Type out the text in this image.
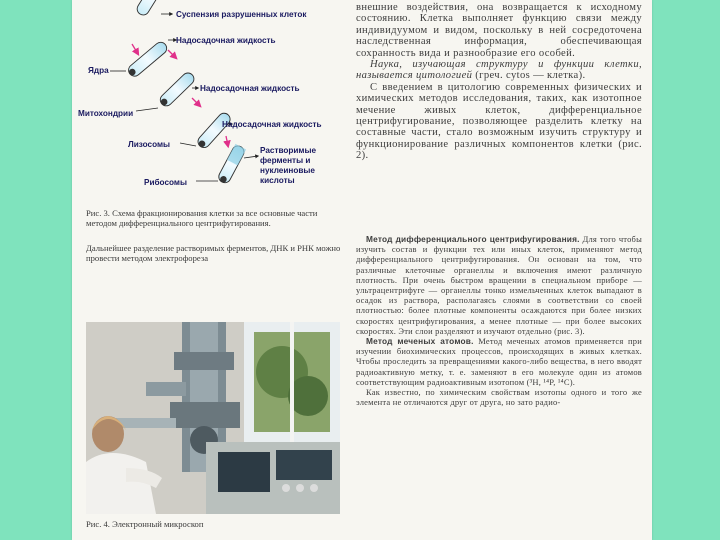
Суспензия разрушенных клеток
Надосадочная жидкость
Ядра
Надосадочная жидкость
Митохондрии
Надосадочная жидкость
Лизосомы
Растворимые ферменты и нуклеиновые кислоты
Рибосомы
Рис. 3. Схема фракционирования клетки за все основные части методом дифференциального центрифугирования.
Дальнейшее разделение растворимых ферментов, ДНК и РНК можно провести методом электрофореза
Рис. 4. Электронный микроскоп

внешние воздействия, она возвращается к исходному состоянию. Клетка выполняет функцию связи между индивидуумом и видом, поскольку в ней сосредоточена наследственная информация, обеспечивающая сохранность вида и разнообразие его особей.

Наука, изучающая структуру и функции клетки, называется цитологией (греч. cytos — клетка).

С введением в цитологию современных физических и химических методов исследования, таких, как изотопное мечение живых клеток, дифференциальное центрифугирование, позволяющее разделить клетку на составные части, стало возможным изучить структуру и функционирование различных компонентов клетки (рис. 2).

Метод дифференциального центрифугирования. Для того чтобы изучить состав и функции тех или иных клеток, применяют метод дифференциального центрифугирования. Он основан на том, что различные клеточные органеллы и включения имеют различную плотность. При очень быстром вращении в специальном приборе — ультрацентрифуге — органеллы тонко измельченных клеток выпадают в осадок из раствора, располагаясь слоями в соответствии со своей плотностью: более плотные компоненты осаждаются при более низких скоростях центрифугирования, а менее плотные — при более высоких скоростях. Эти слои разделяют и изучают отдельно (рис. 3).

Метод меченых атомов. Метод меченых атомов применяется при изучении биохимических процессов, происходящих в живых клетках. Чтобы проследить за превращениями какого-либо вещества, в него вводят радиоактивную метку, т. е. заменяют в его молекуле один из атомов соответствующим радиоактивным изотопом (³H, ¹⁴P, ¹⁴C).

Как известно, по химическим свойствам изотопы одного и того же элемента не отличаются друг от друга, но зато радио-
